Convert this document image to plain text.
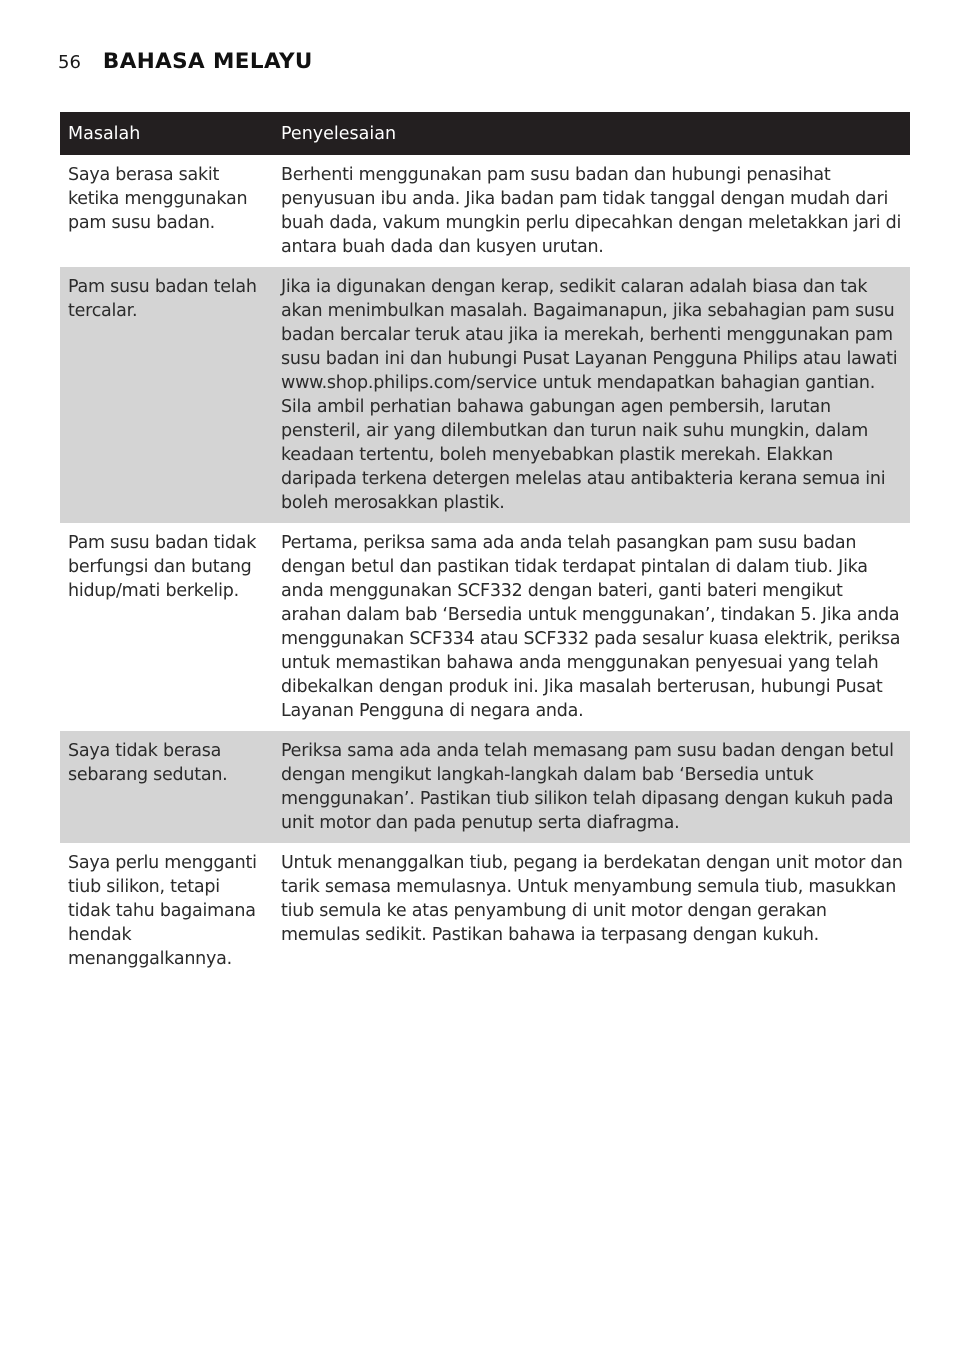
56 BAHASA MELAYU
Masalah	Penyelesaian
Saya berasa sakit ketika menggunakan pam susu badan.	Berhenti menggunakan pam susu badan dan hubungi penasihat penyusuan ibu anda. Jika badan pam tidak tanggal dengan mudah dari buah dada, vakum mungkin perlu dipecahkan dengan meletakkan jari di antara buah dada dan kusyen urutan.
Pam susu badan telah tercalar.	Jika ia digunakan dengan kerap, sedikit calaran adalah biasa dan tak akan menimbulkan masalah. Bagaimanapun, jika sebahagian pam susu badan bercalar teruk atau jika ia merekah, berhenti menggunakan pam susu badan ini dan hubungi Pusat Layanan Pengguna Philips atau lawati www.shop.philips.com/service untuk mendapatkan bahagian gantian. Sila ambil perhatian bahawa gabungan agen pembersih, larutan pensteril, air yang dilembutkan dan turun naik suhu mungkin, dalam keadaan tertentu, boleh menyebabkan plastik merekah. Elakkan daripada terkena detergen melelas atau antibakteria kerana semua ini boleh merosakkan plastik.
Pam susu badan tidak berfungsi dan butang hidup/mati berkelip.	Pertama, periksa sama ada anda telah pasangkan pam susu badan dengan betul dan pastikan tidak terdapat pintalan di dalam tiub. Jika anda menggunakan SCF332 dengan bateri, ganti bateri mengikut arahan dalam bab ‘Bersedia untuk menggunakan’, tindakan 5. Jika anda menggunakan SCF334 atau SCF332 pada sesalur kuasa elektrik, periksa untuk memastikan bahawa anda menggunakan penyesuai yang telah dibekalkan dengan produk ini. Jika masalah berterusan, hubungi Pusat Layanan Pengguna di negara anda.
Saya tidak berasa sebarang sedutan.	Periksa sama ada anda telah memasang pam susu badan dengan betul dengan mengikut langkah-langkah dalam bab ‘Bersedia untuk menggunakan’. Pastikan tiub silikon telah dipasang dengan kukuh pada unit motor dan pada penutup serta diafragma.
Saya perlu mengganti tiub silikon, tetapi tidak tahu bagaimana hendak menanggalkannya.	Untuk menanggalkan tiub, pegang ia berdekatan dengan unit motor dan tarik semasa memulasnya. Untuk menyambung semula tiub, masukkan tiub semula ke atas penyambung di unit motor dengan gerakan memulas sedikit. Pastikan bahawa ia terpasang dengan kukuh.
